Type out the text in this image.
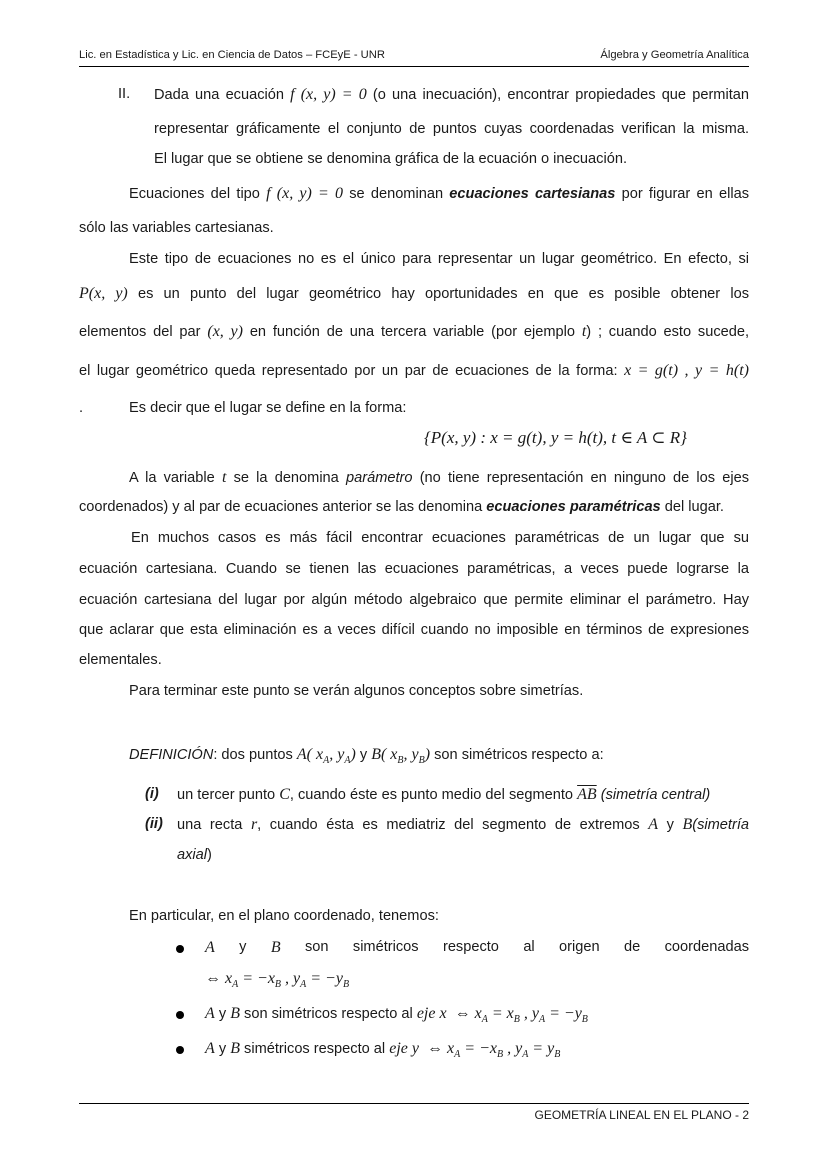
Lic. en Estadística y Lic. en Ciencia de Datos – FCEyE - UNR	Álgebra y Geometría Analítica
II. Dada una ecuación f (x, y) = 0 (o una inecuación), encontrar propiedades que permitan
representar gráficamente el conjunto de puntos cuyas coordenadas verifican la misma.
El lugar que se obtiene se denomina gráfica de la ecuación o inecuación.
Ecuaciones del tipo f (x, y) = 0 se denominan ecuaciones cartesianas por figurar en ellas
sólo las variables cartesianas.
Este tipo de ecuaciones no es el único para representar un lugar geométrico. En efecto, si
P(x, y) es un punto del lugar geométrico hay oportunidades en que es posible obtener los
elementos del par (x, y) en función de una tercera variable (por ejemplo t) ; cuando esto sucede,
el lugar geométrico queda representado por un par de ecuaciones de la forma: x = g(t) , y = h(t)
.	Es decir que el lugar se define en la forma:
{P(x, y) : x = g(t), y = h(t), t ∈ A ⊂ R}
A la variable t se la denomina parámetro (no tiene representación en ninguno de los ejes
coordenados) y al par de ecuaciones anterior se las denomina ecuaciones paramétricas del lugar.
En muchos casos es más fácil encontrar ecuaciones paramétricas de un lugar que su
ecuación cartesiana. Cuando se tienen las ecuaciones paramétricas, a veces puede lograrse la
ecuación cartesiana del lugar por algún método algebraico que permite eliminar el parámetro. Hay
que aclarar que esta eliminación es a veces difícil cuando no imposible en términos de expresiones
elementales.
Para terminar este punto se verán algunos conceptos sobre simetrías.
DEFINICIÓN: dos puntos A( $x_A$, $y_A$) y B( $x_B$, $y_B$) son simétricos respecto a:
(i) un tercer punto C, cuando éste es punto medio del segmento $\overline{AB}$ (simetría central)
(ii) una recta r, cuando ésta es mediatriz del segmento de extremos A y B(simetría
axial)
En particular, en el plano coordenado, tenemos:
A y B son simétricos respecto al origen de coordenadas
⇔ $x_A = -x_B$ , $y_A = -y_B$
A y B son simétricos respecto al eje x  ⇔ $x_A = x_B$ , $y_A = -y_B$
A y B simétricos respecto al eje y  ⇔ $x_A = -x_B$ , $y_A = y_B$
GEOMETRÍA LINEAL EN EL PLANO - 2
